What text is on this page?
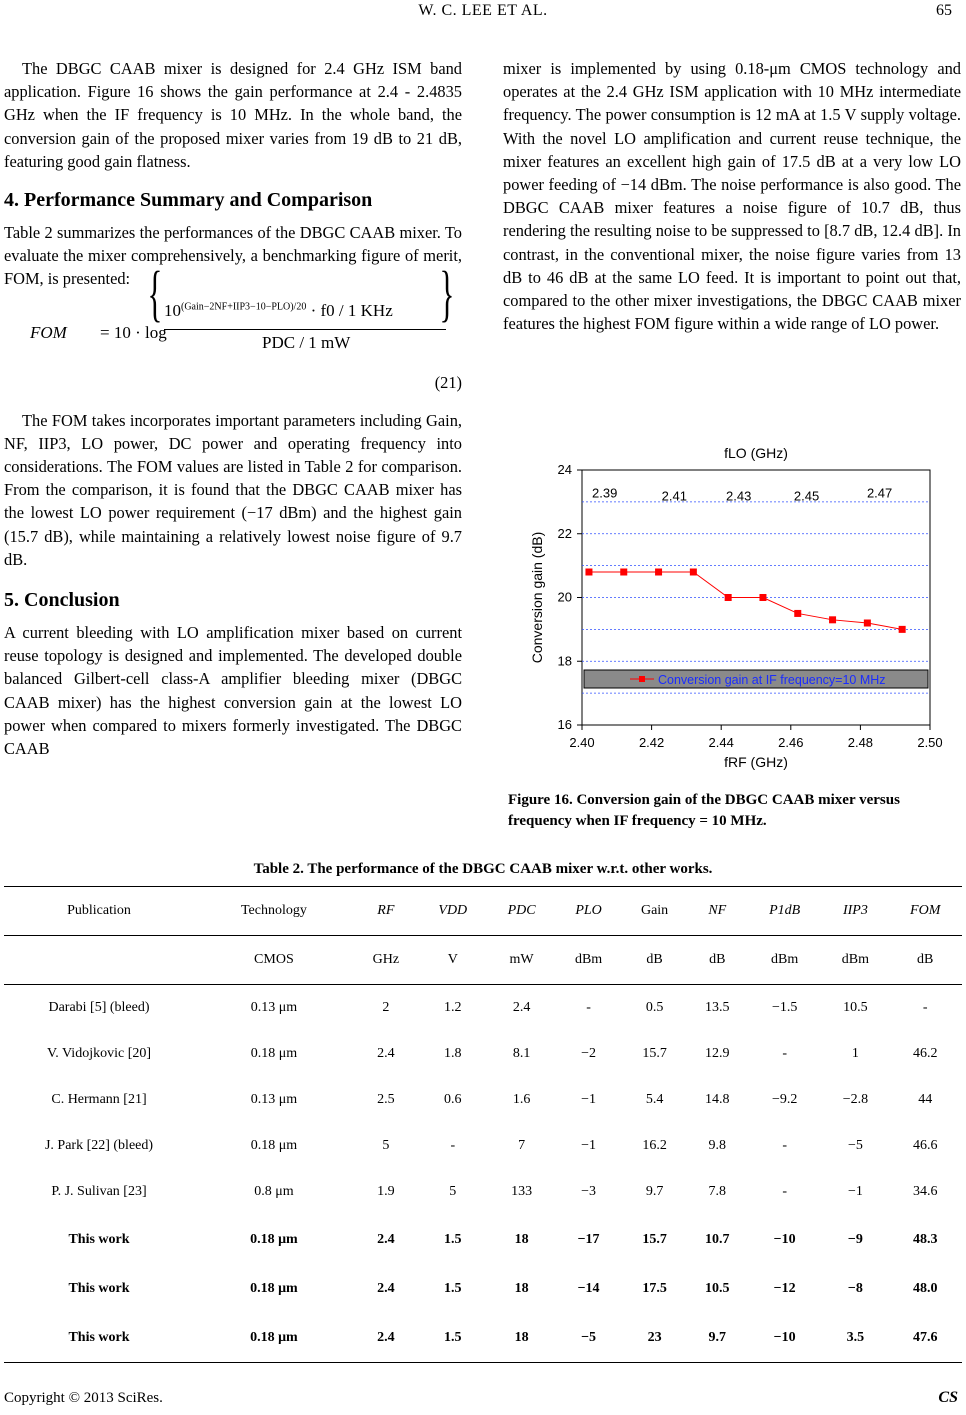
W. C. LEE ET AL.	65

The DBGC CAAB mixer is designed for 2.4 GHz ISM band application. Figure 16 shows the gain performance at 2.4 - 2.4835 GHz when the IF frequency is 10 MHz. In the whole band, the conversion gain of the proposed mixer varies from 19 dB to 21 dB, featuring good gain flatness.

4. Performance Summary and Comparison

Table 2 summarizes the performances of the DBGC CAAB mixer. To evaluate the mixer comprehensively, a benchmarking figure of merit, FOM, is presented:

FOM = 10 · log
{ $10^{(Gain-2NF+IIP3-10-PLO)/20} \cdot f0 / 1$ KHz
PDC / 1 mW
}
(21)

The FOM takes incorporates important parameters including Gain, NF, IIP3, LO power, DC power and operating frequency into considerations. The FOM values are listed in Table 2 for comparison. From the comparison, it is found that the DBGC CAAB mixer has the lowest LO power requirement (−17 dBm) and the highest gain (15.7 dB), while maintaining a relatively lowest noise figure of 9.7 dB.

5. Conclusion

A current bleeding with LO amplification mixer based on current reuse topology is designed and implemented. The developed double balanced Gilbert-cell class-A amplifier bleeding mixer (DBGC CAAB mixer) has the highest conversion gain at the lowest LO power when compared to mixers formerly investigated. The DBGC CAAB

mixer is implemented by using 0.18-μm CMOS technology and operates at the 2.4 GHz ISM application with 10 MHz intermediate frequency. The power consumption is 12 mA at 1.5 V supply voltage. With the novel LO amplification and current reuse technique, the mixer features an excellent high gain of 17.5 dB at a very low LO power feeding of −14 dBm. The noise performance is also good. The DBGC CAAB mixer features a noise figure of 10.7 dB, thus rendering the resulting noise to be suppressed to [8.7 dB, 12.4 dB]. In contrast, in the conventional mixer, the noise figure varies from 13 dB to 46 dB at the same LO feed. It is important to point out that, compared to the other mixer investigations, the DBGC CAAB mixer features the highest FOM figure within a wide range of LO power.

16
18
20
22
24
2.40	2.42	2.44	2.46	2.48	2.50
Conversion gain (dB)
fRF (GHz)
fLO (GHz)
2.39	2.41	2.43	2.45	2.47
Conversion gain at IF frequency=10 MHz
Figure 16. Conversion gain of the DBGC CAAB mixer versus frequency when IF frequency = 10 MHz.
Table 2. The performance of the DBGC CAAB mixer w.r.t. other works.
Publication	Technology	RF	VDD	PDC	PLO	Gain	NF	P1dB	IIP3	FOM
	CMOS	GHz	V	mW	dBm	dB	dB	dBm	dBm	dB
Darabi [5] (bleed)	0.13 μm	2	1.2	2.4	-	0.5	13.5	−1.5	10.5	-
V. Vidojkovic [20]	0.18 μm	2.4	1.8	8.1	−2	15.7	12.9	-	1	46.2
C. Hermann [21]	0.13 μm	2.5	0.6	1.6	−1	5.4	14.8	−9.2	−2.8	44
J. Park [22] (bleed)	0.18 μm	5	-	7	−1	16.2	9.8	-	−5	46.6
P. J. Sulivan [23]	0.8 μm	1.9	5	133	−3	9.7	7.8	-	−1	34.6
This work	0.18 μm	2.4	1.5	18	−17	15.7	10.7	−10	−9	48.3
This work	0.18 μm	2.4	1.5	18	−14	17.5	10.5	−12	−8	48.0
This work	0.18 μm	2.4	1.5	18	−5	23	9.7	−10	3.5	47.6
Copyright © 2013 SciRes.	CS
